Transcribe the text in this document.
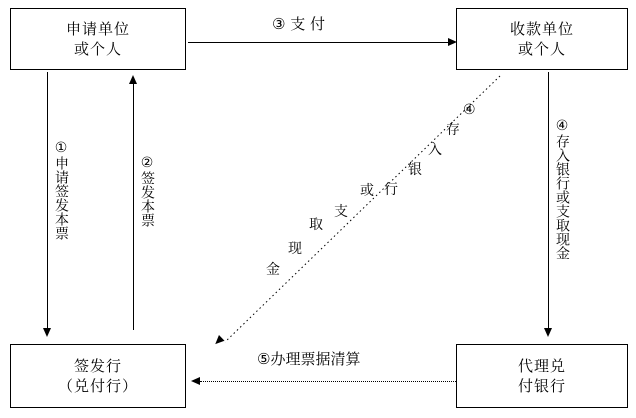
申请单位
或个人
收款单位
或个人
签发行
（兑付行）
代理兑
付银行
③ 支 付
①申请签发本票	②签发本票	④存入银行或支取现金
⑤办理票据清算
④
存
入
银
行
或
支
取
现
金
